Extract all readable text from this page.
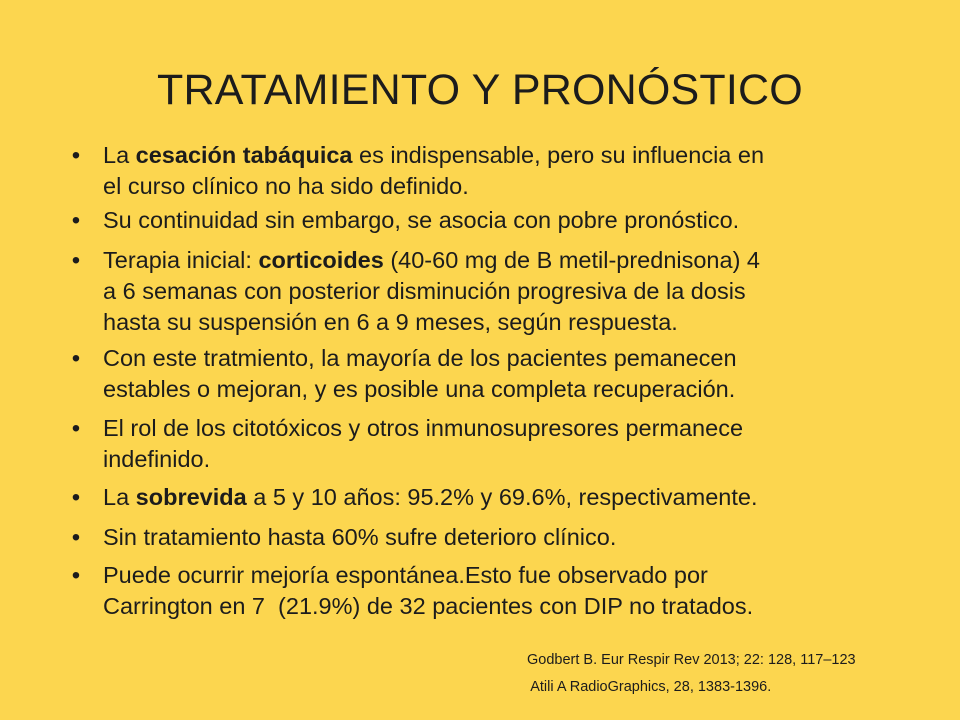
TRATAMIENTO Y PRONÓSTICO
• La cesación tabáquica es indispensable, pero su influencia en
el curso clínico no ha sido definido.
• Su continuidad sin embargo, se asocia con pobre pronóstico.
• Terapia inicial: corticoides (40-60 mg de B metil-prednisona) 4
a 6 semanas con posterior disminución progresiva de la dosis
hasta su suspensión en 6 a 9 meses, según respuesta.
• Con este tratmiento, la mayoría de los pacientes pemanecen
estables o mejoran, y es posible una completa recuperación.
• El rol de los citotóxicos y otros inmunosupresores permanece
indefinido.
• La sobrevida a 5 y 10 años: 95.2% y 69.6%, respectivamente.
• Sin tratamiento hasta 60% sufre deterioro clínico.
• Puede ocurrir mejoría espontánea.Esto fue observado por
Carrington en 7  (21.9%) de 32 pacientes con DIP no tratados.
Godbert B. Eur Respir Rev 2013; 22: 128, 117–123
Atili A RadioGraphics, 28, 1383-1396.
